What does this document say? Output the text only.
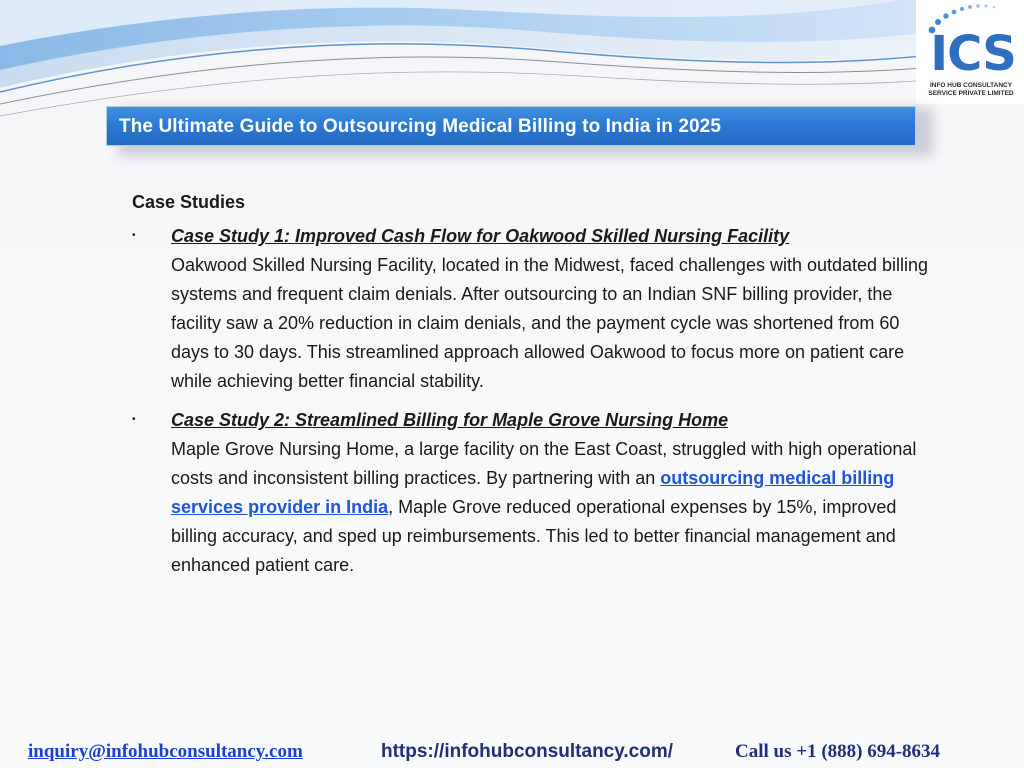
ICS
INFO HUB CONSULTANCY
SERVICE PRIVATE LIMITED
The Ultimate Guide to Outsourcing Medical Billing to India in 2025
Case Studies
• Case Study 1: Improved Cash Flow for Oakwood Skilled Nursing Facility
Oakwood Skilled Nursing Facility, located in the Midwest, faced challenges with outdated billing systems and frequent claim denials. After outsourcing to an Indian SNF billing provider, the facility saw a 20% reduction in claim denials, and the payment cycle was shortened from 60 days to 30 days. This streamlined approach allowed Oakwood to focus more on patient care while achieving better financial stability.
• Case Study 2: Streamlined Billing for Maple Grove Nursing Home
Maple Grove Nursing Home, a large facility on the East Coast, struggled with high operational costs and inconsistent billing practices. By partnering with an outsourcing medical billing services provider in India, Maple Grove reduced operational expenses by 15%, improved billing accuracy, and sped up reimbursements. This led to better financial management and enhanced patient care.
inquiry@infohubconsultancy.com	https://infohubconsultancy.com/	Call us +1 (888) 694-8634
